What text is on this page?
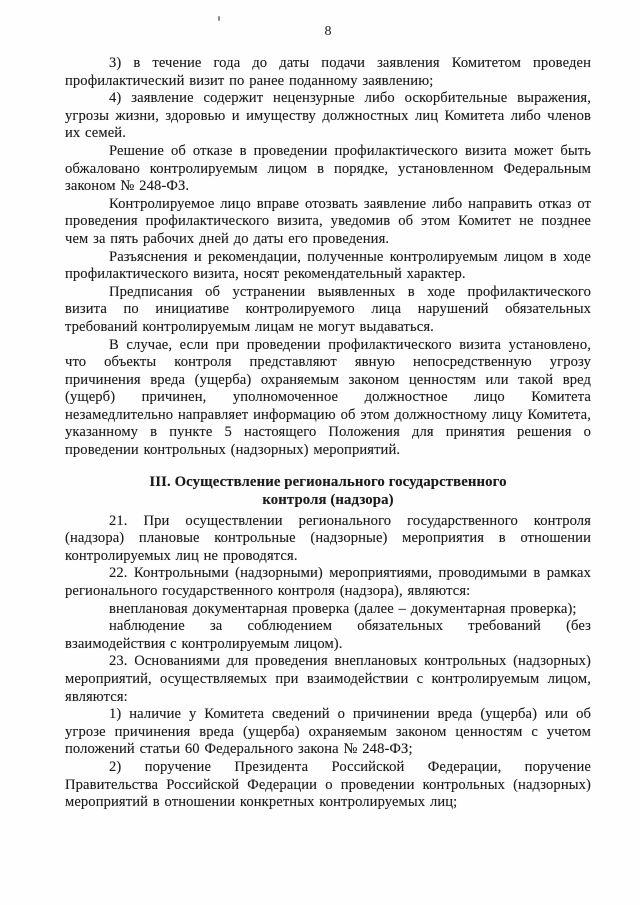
8

3) в течение года до даты подачи заявления Комитетом проведен профилактический визит по ранее поданному заявлению;

4) заявление содержит нецензурные либо оскорбительные выражения, угрозы жизни, здоровью и имуществу должностных лиц Комитета либо членов их семей.

Решение об отказе в проведении профилактического визита может быть обжаловано контролируемым лицом в порядке, установленном Федеральным законом № 248-ФЗ.

Контролируемое лицо вправе отозвать заявление либо направить отказ от проведения профилактического визита, уведомив об этом Комитет не позднее чем за пять рабочих дней до даты его проведения.

Разъяснения и рекомендации, полученные контролируемым лицом в ходе профилактического визита, носят рекомендательный характер.

Предписания об устранении выявленных в ходе профилактического визита по инициативе контролируемого лица нарушений обязательных требований контролируемым лицам не могут выдаваться.

В случае, если при проведении профилактического визита установлено, что объекты контроля представляют явную непосредственную угрозу причинения вреда (ущерба) охраняемым законом ценностям или такой вред (ущерб) причинен, уполномоченное должностное лицо Комитета незамедлительно направляет информацию об этом должностному лицу Комитета, указанному в пункте 5 настоящего Положения для принятия решения о проведении контрольных (надзорных) мероприятий.

III. Осуществление регионального государственного
контроля (надзора)

21. При осуществлении регионального государственного контроля (надзора) плановые контрольные (надзорные) мероприятия в отношении контролируемых лиц не проводятся.

22. Контрольными (надзорными) мероприятиями, проводимыми в рамках регионального государственного контроля (надзора), являются:

внеплановая документарная проверка (далее – документарная проверка);

наблюдение за соблюдением обязательных требований (без взаимодействия с контролируемым лицом).

23. Основаниями для проведения внеплановых контрольных (надзорных) мероприятий, осуществляемых при взаимодействии с контролируемым лицом, являются:

1) наличие у Комитета сведений о причинении вреда (ущерба) или об угрозе причинения вреда (ущерба) охраняемым законом ценностям с учетом положений статьи 60 Федерального закона № 248-ФЗ;

2) поручение Президента Российской Федерации, поручение Правительства Российской Федерации о проведении контрольных (надзорных) мероприятий в отношении конкретных контролируемых лиц;
